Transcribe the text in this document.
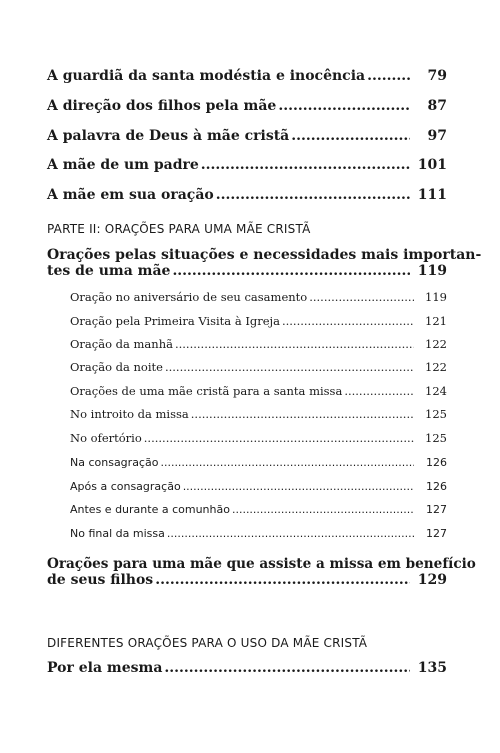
A guardiã da santa modéstia e inocência .....	79
A direção dos filhos pela mãe .....	87
A palavra de Deus à mãe cristã .....	97
A mãe de um padre .....	101
A mãe em sua oração .....	111
PARTE II: ORAÇÕES PARA UMA MÃE CRISTÃ
Orações pelas situações e necessidades mais importan-
tes de uma mãe .....	119
Oração no aniversário de seu casamento .....	119
Oração pela Primeira Visita à Igreja .....	121
Oração da manhã .....	122
Oração da noite .....	122
Orações de uma mãe cristã para a santa missa .....	124
No introito da missa .....	125
No ofertório .....	125
Na consagração .....	126
Após a consagração .....	126
Antes e durante a comunhão .....	127
No final da missa .....	127
Orações para uma mãe que assiste a missa em benefício
de seus filhos .....	129
DIFERENTES ORAÇÕES PARA O USO DA MÃE CRISTÃ
Por ela mesma .....	135
